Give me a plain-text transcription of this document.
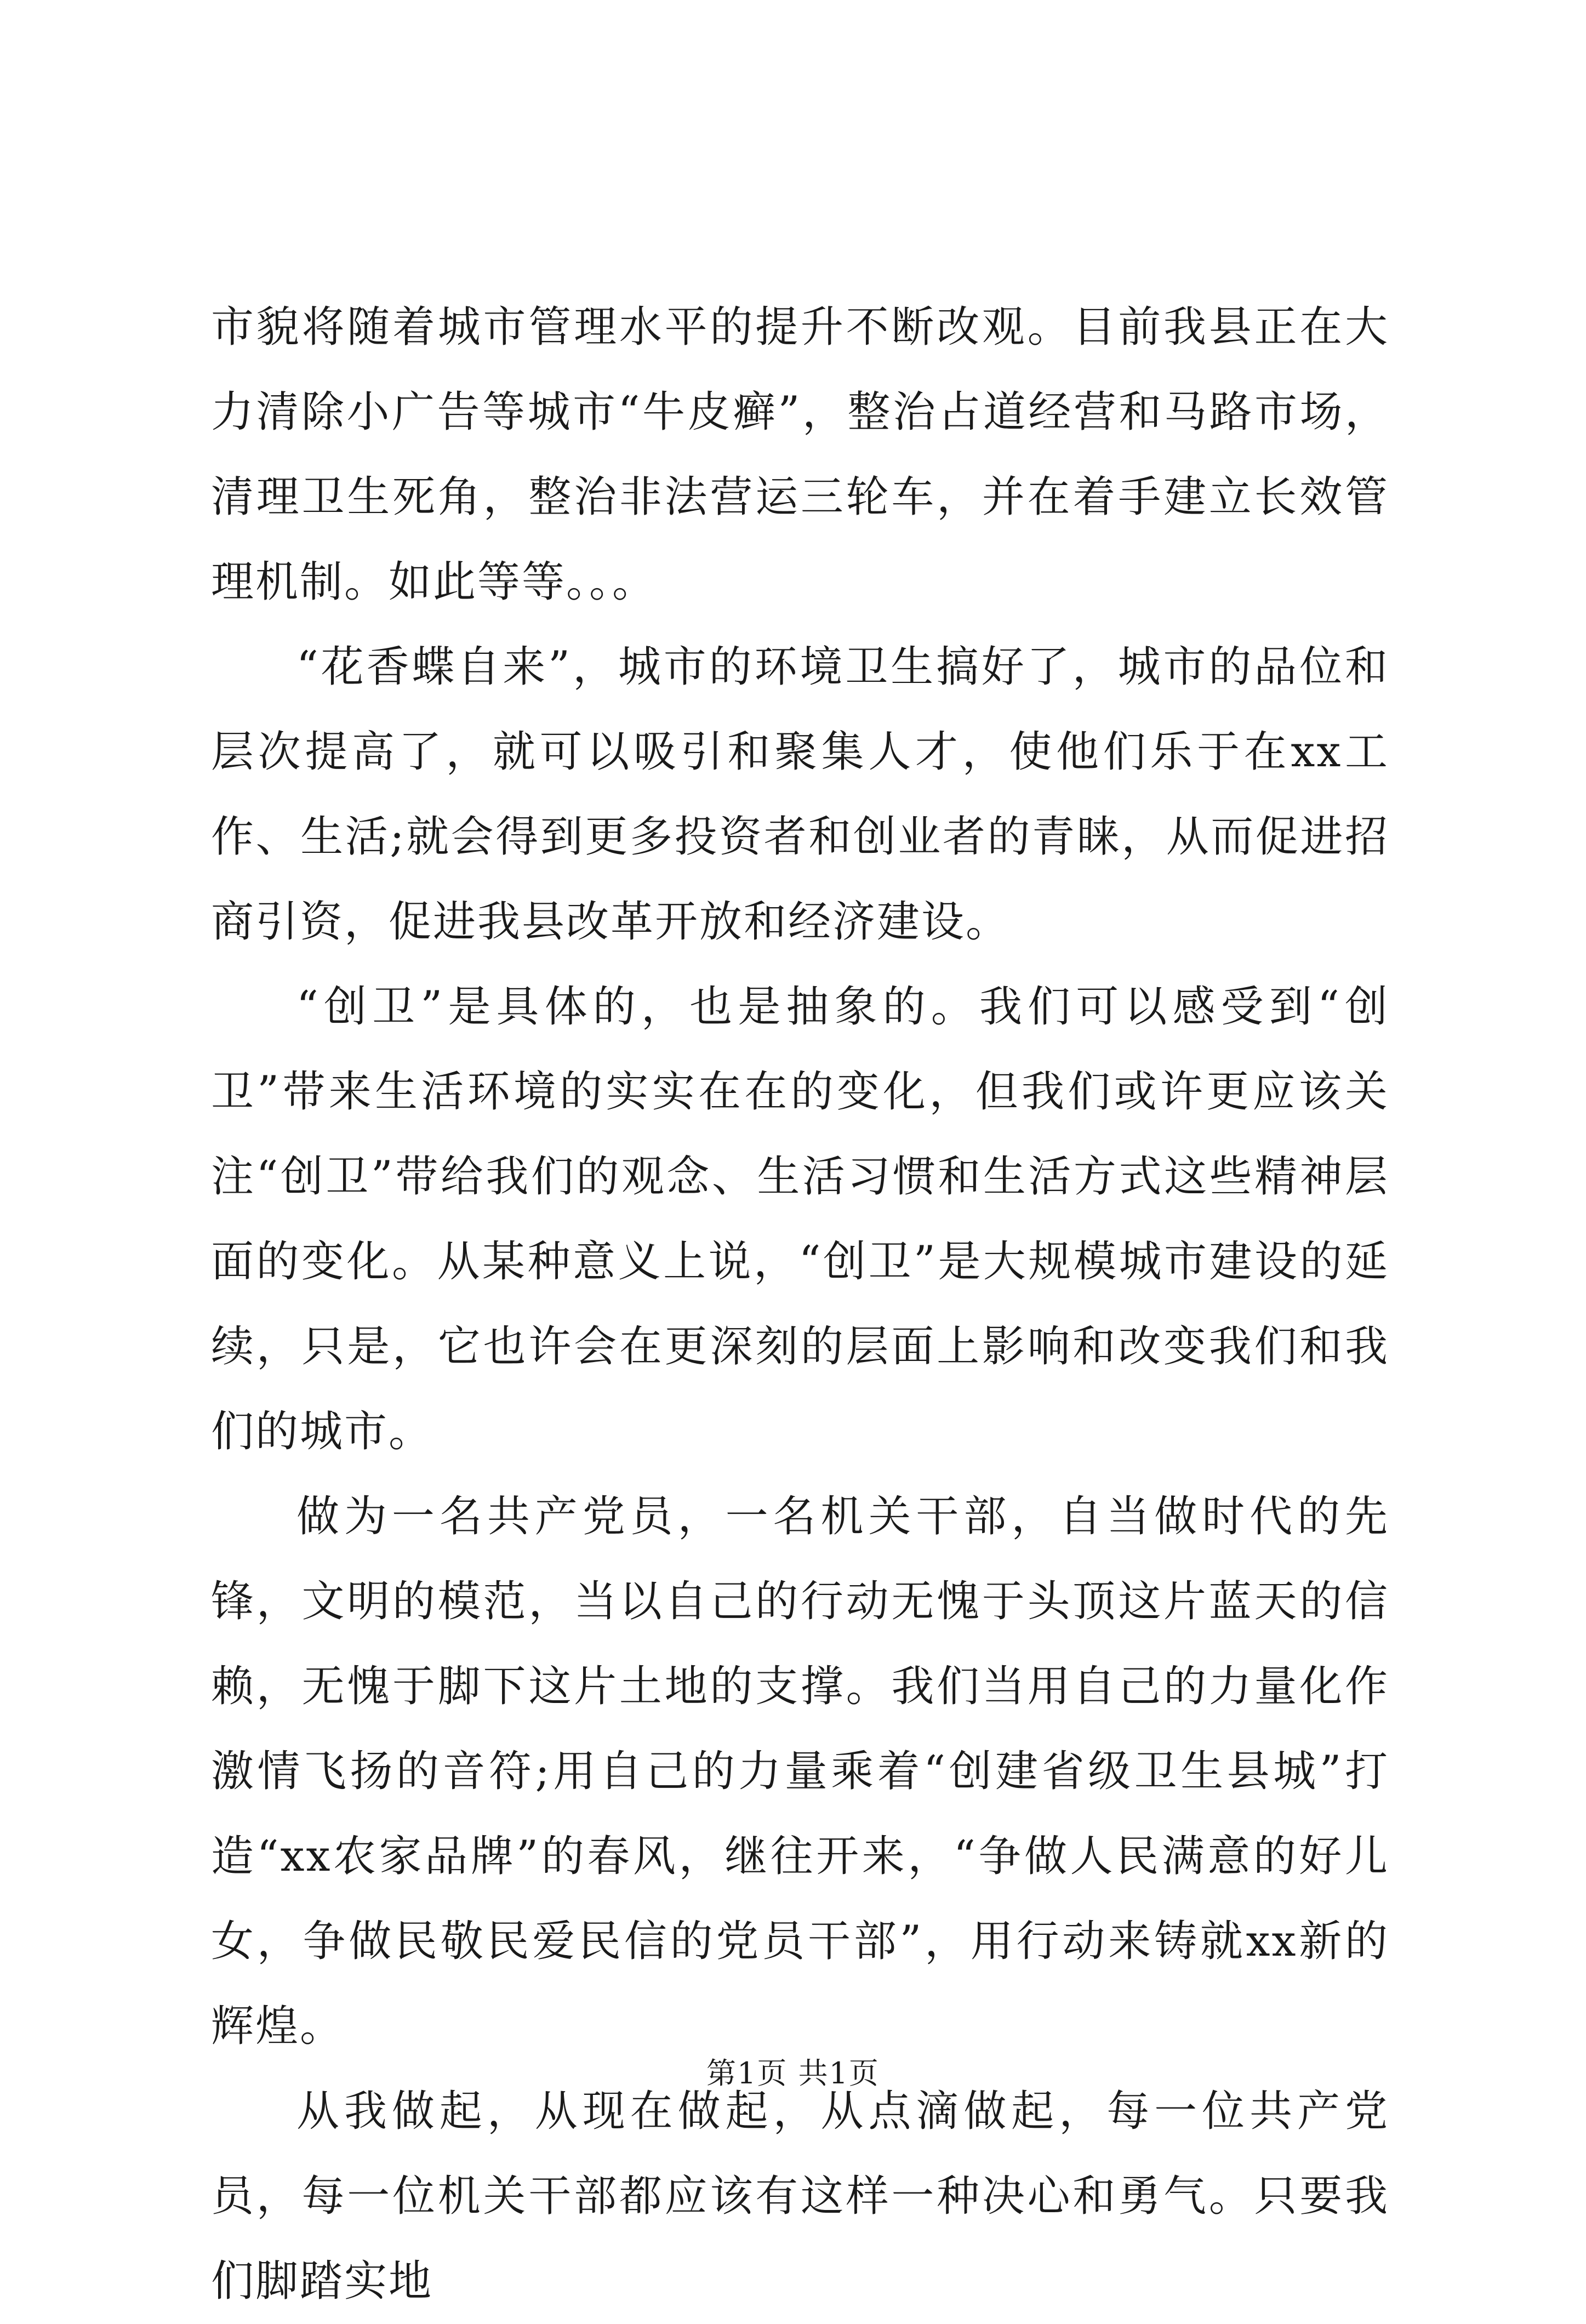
市貌将随着城市管理水平的提升不断改观。目前我县正在大力清除小广告等城市“牛皮癣”，整治占道经营和马路市场，清理卫生死角，整治非法营运三轮车，并在着手建立长效管理机制。如此等等。。。

“花香蝶自来”，城市的环境卫生搞好了，城市的品位和层次提高了，就可以吸引和聚集人才，使他们乐于在xx工作、生活;就会得到更多投资者和创业者的青睐，从而促进招商引资，促进我县改革开放和经济建设。

“创卫”是具体的，也是抽象的。我们可以感受到“创卫”带来生活环境的实实在在的变化，但我们或许更应该关注“创卫”带给我们的观念、生活习惯和生活方式这些精神层面的变化。从某种意义上说，“创卫”是大规模城市建设的延续，只是，它也许会在更深刻的层面上影响和改变我们和我们的城市。

做为一名共产党员，一名机关干部，自当做时代的先锋，文明的模范，当以自己的行动无愧于头顶这片蓝天的信赖，无愧于脚下这片土地的支撑。我们当用自己的力量化作激情飞扬的音符;用自己的力量乘着“创建省级卫生县城”打造“xx农家品牌”的春风，继往开来，“争做人民满意的好儿女，争做民敬民爱民信的党员干部”，用行动来铸就xx新的辉煌。

从我做起，从现在做起，从点滴做起，每一位共产党员，每一位机关干部都应该有这样一种决心和勇气。只要我们脚踏实地

第1页 共1页
